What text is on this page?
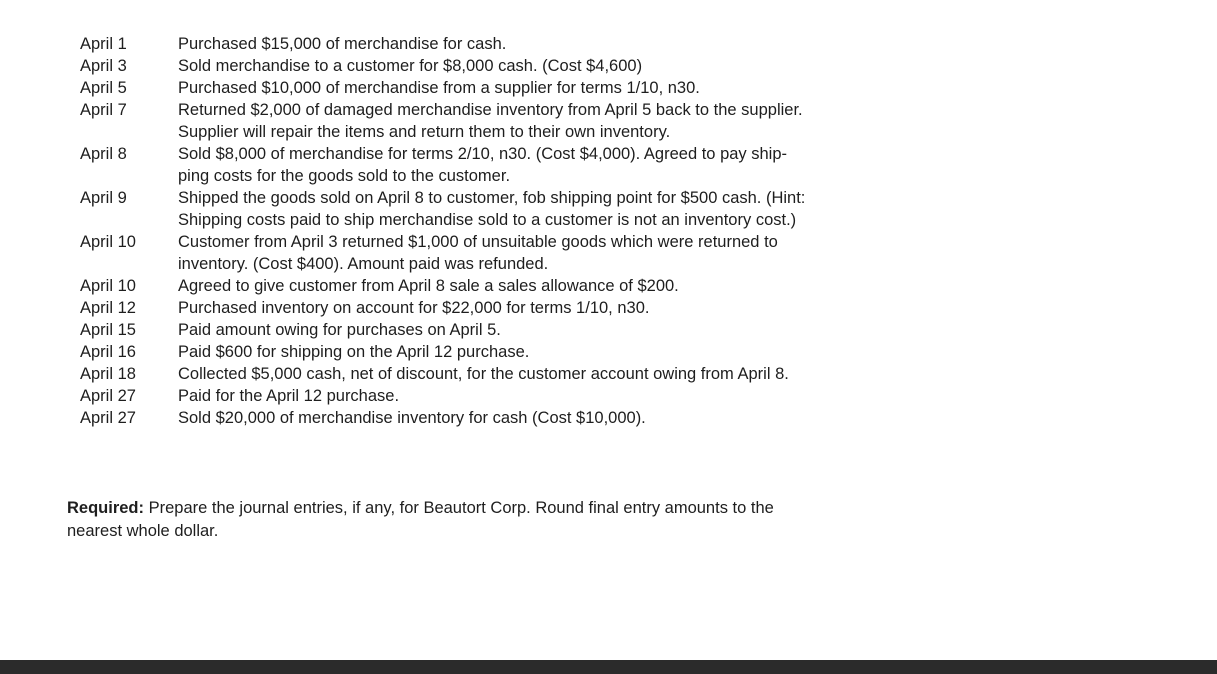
April 1	Purchased $15,000 of merchandise for cash.
April 3	Sold merchandise to a customer for $8,000 cash. (Cost $4,600)
April 5	Purchased $10,000 of merchandise from a supplier for terms 1/10, n30.
April 7	Returned $2,000 of damaged merchandise inventory from April 5 back to the supplier.
Supplier will repair the items and return them to their own inventory.
April 8	Sold $8,000 of merchandise for terms 2/10, n30. (Cost $4,000). Agreed to pay ship-
ping costs for the goods sold to the customer.
April 9	Shipped the goods sold on April 8 to customer, fob shipping point for $500 cash. (Hint:
Shipping costs paid to ship merchandise sold to a customer is not an inventory cost.)
April 10	Customer from April 3 returned $1,000 of unsuitable goods which were returned to
inventory. (Cost $400). Amount paid was refunded.
April 10	Agreed to give customer from April 8 sale a sales allowance of $200.
April 12	Purchased inventory on account for $22,000 for terms 1/10, n30.
April 15	Paid amount owing for purchases on April 5.
April 16	Paid $600 for shipping on the April 12 purchase.
April 18	Collected $5,000 cash, net of discount, for the customer account owing from April 8.
April 27	Paid for the April 12 purchase.
April 27	Sold $20,000 of merchandise inventory for cash (Cost $10,000).
Required: Prepare the journal entries, if any, for Beautort Corp. Round final entry amounts to the
nearest whole dollar.
